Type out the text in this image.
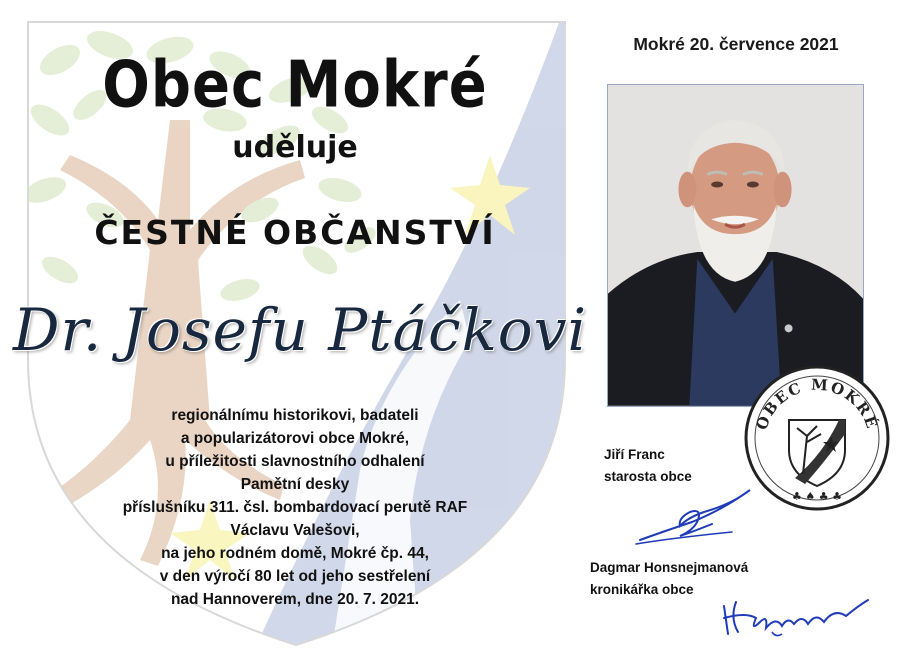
Obec Mokré
uděluje
ČESTNÉ OBČANSTVÍ
Dr. Josefu Ptáčkovi
regionálnímu historikovi, badateli
a popularizátorovi obce Mokré,
u příležitosti slavnostního odhalení
Pamětní desky
příslušníku 311. čsl. bombardovací perutě RAF
Václavu Valešovi,
na jeho rodném domě, Mokré čp. 44,
v den výročí 80 let od jeho sestřelení
nad Hannoverem, dne 20. 7. 2021.
Mokré 20. července 2021
OBEC MOKRÉ
♣ ♠ ♣ ♣
Jiří Franc
starosta obce
Dagmar Honsnejmanová
kronikářka obce
